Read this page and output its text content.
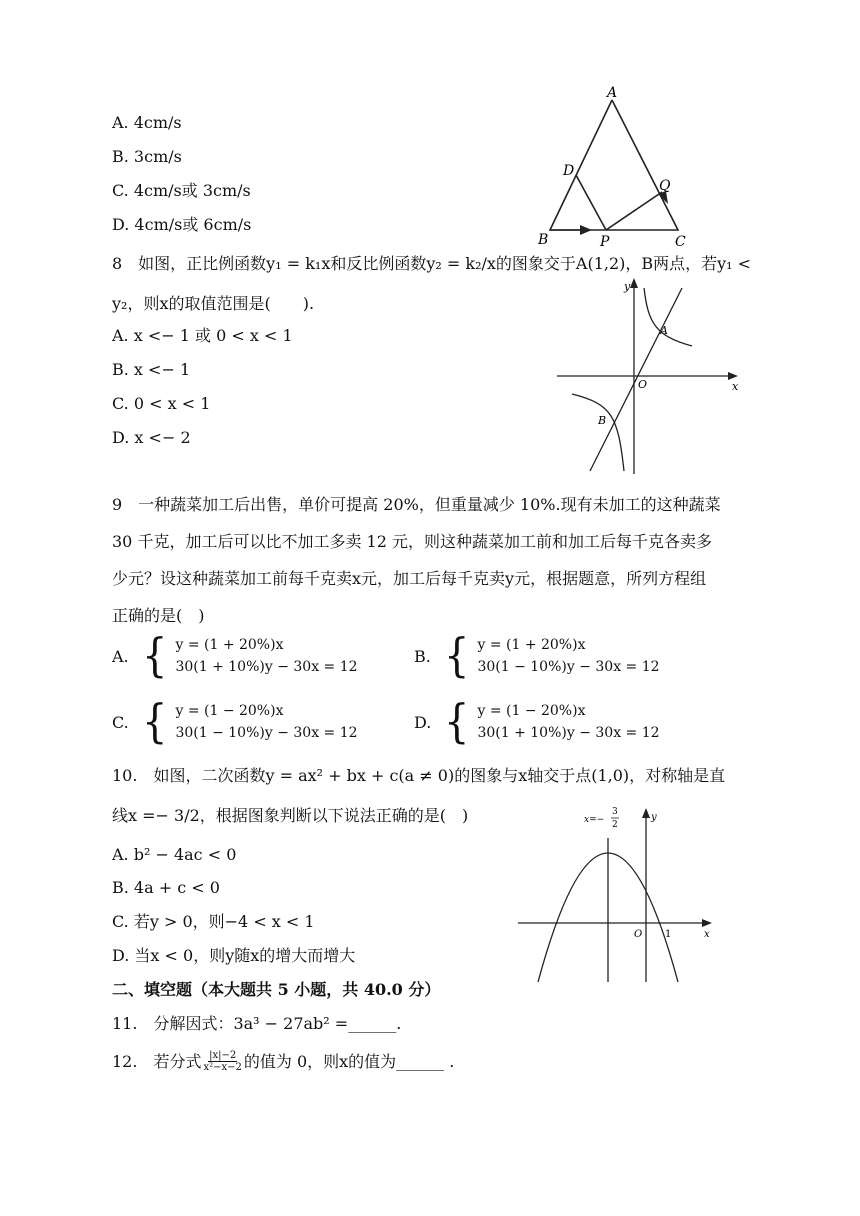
A. 4cm/s
B. 3cm/s
C. 4cm/s或 3cm/s
D. 4cm/s或 6cm/s
A
B	C
D
P
Q
8　如图，正比例函数y₁ = k₁x和反比例函数y₂ = k₂/x的图象交于A(1,2)，B两点，若y₁ <
y₂，则x的取值范围是(　　).
A. x <− 1 或 0 < x < 1
B. x <− 1
C. 0 < x < 1
D. x <− 2
y
x
O
A
B
9　一种蔬菜加工后出售，单价可提高 20%，但重量减少 10%.现有未加工的这种蔬菜
30 千克，加工后可以比不加工多卖 12 元，则这种蔬菜加工前和加工后每千克各卖多
少元？设这种蔬菜加工前每千克卖x元，加工后每千克卖y元，根据题意，所列方程组
正确的是(　)
A. { y = (1 + 20%)x
30(1 + 10%)y − 30x = 12
B. { y = (1 + 20%)x
30(1 − 10%)y − 30x = 12
C. { y = (1 − 20%)x
30(1 − 10%)y − 30x = 12
D. { y = (1 − 20%)x
30(1 + 10%)y − 30x = 12
10.　如图，二次函数y = ax² + bx + c(a ≠ 0)的图象与x轴交于点(1,0)，对称轴是直
线x =− 3/2，根据图象判断以下说法正确的是(　)
A. b² − 4ac < 0
B. 4a + c < 0
C. 若y > 0，则−4 < x < 1
D. 当x < 0，则y随x的增大而增大
x=−
3
2
y
x
O 1
二、填空题（本大题共 5 小题，共 40.0 分）
11.　分解因式：3a³ − 27ab² =______.
12.　若分式 $\frac{|x|-2}{\text{x²−x−2}}$ 的值为 0，则x的值为______ .
